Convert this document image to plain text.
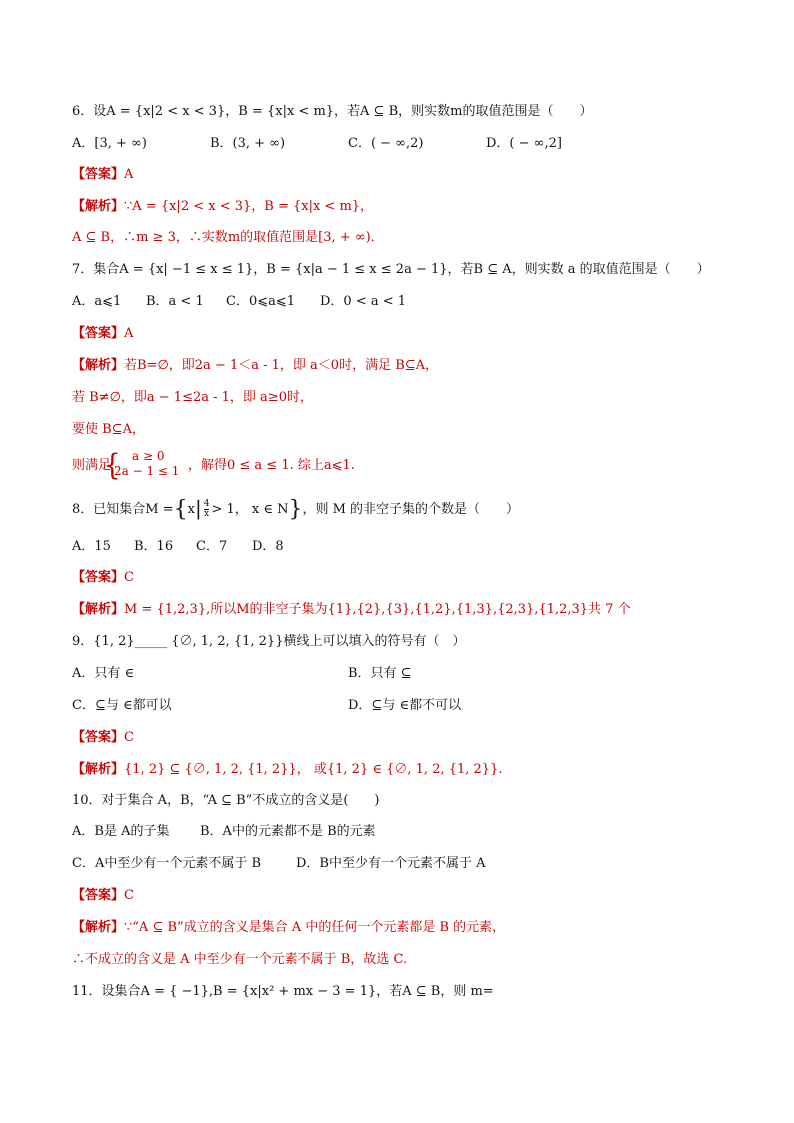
6．设A = {x|2 < x < 3}，B = {x|x < m}，若A ⊆ B，则实数m的取值范围是（　　）
A．[3, + ∞)	B．(3, + ∞)	C．( − ∞,2)	D．( − ∞,2]
【答案】A
【解析】∵A = {x|2 < x < 3}，B = {x|x < m}，
A ⊆ B，∴m ≥ 3，∴实数m的取值范围是[3, + ∞)．
7．集合A = {x| −1 ≤ x ≤ 1}，B = {x|a − 1 ≤ x ≤ 2a − 1}，若B ⊆ A，则实数 a 的取值范围是（　　）
A．a⩽1 B．a < 1 C．0⩽a⩽1 D．0 < a < 1
【答案】A
【解析】若B=∅，即2a − 1＜a - 1，即 a＜0时，满足 B⊆A，
若 B≠∅，即a − 1≤2a - 1，即 a≥0时，
要使 B⊆A，
则满足
{ a ≥ 0
2a − 1 ≤ 1 ，解得0 ≤ a ≤ 1. 综上a⩽1.
8．已知集合$M =\{x| \frac{4}{x} > 1$， x ∈ N}，则 M 的非空子集的个数是（　　）
A．15 B．16 C．7 D．8
【答案】C
【解析】M = {1,2,3},所以M的非空子集为{1},{2},{3},{1,2},{1,3},{2,3},{1,2,3}共 7 个
9．{1, 2}_____ {∅, 1, 2, {1, 2}}横线上可以填入的符号有（　）
A．只有 ∈	B．只有 ⊆
C．⊆与 ∈都可以	D．⊆与 ∈都不可以
【答案】C
【解析】{1, 2} ⊆ {∅, 1, 2, {1, 2}}， 或{1, 2} ∈ {∅, 1, 2, {1, 2}}.
10．对于集合 A，B，“A ⊆ B”不成立的含义是(　　)
A．B是 A的子集 B．A中的元素都不是 B的元素
C．A中至少有一个元素不属于 B	D．B中至少有一个元素不属于 A
【答案】C
【解析】∵“A ⊆ B”成立的含义是集合 A 中的任何一个元素都是 B 的元素，
∴不成立的含义是 A 中至少有一个元素不属于 B，故选 C.
11．设集合A = { −1},B = {x|x² + mx − 3 = 1}，若A ⊆ B，则 m=
